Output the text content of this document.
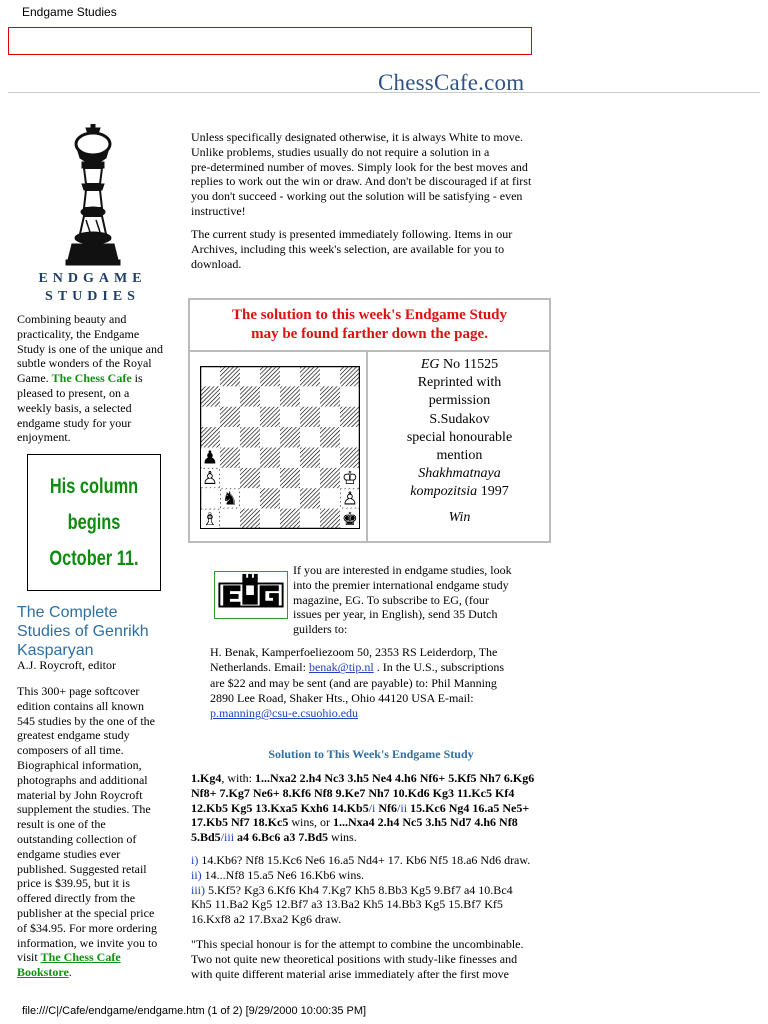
Endgame Studies
ChessCafe.com
ENDGAME
STUDIES
Combining beauty and
practicality, the Endgame
Study is one of the unique and
subtle wonders of the Royal
Game. The Chess Cafe is
pleased to present, on a
weekly basis, a selected
endgame study for your
enjoyment.
His column
begins
October 11.
The Complete
Studies of Genrikh
Kasparyan
A.J. Roycroft, editor
This 300+ page softcover
edition contains all known
545 studies by the one of the
greatest endgame study
composers of all time.
Biographical information,
photographs and additional
material by John Roycroft
supplement the studies. The
result is one of the
outstanding collection of
endgame studies ever
published. Suggested retail
price is $39.95, but it is
offered directly from the
publisher at the special price
of $34.95. For more ordering
information, we invite you to
visit The Chess Cafe
Bookstore.
Unless specifically designated otherwise, it is always White to move.
Unlike problems, studies usually do not require a solution in a
pre-determined number of moves. Simply look for the best moves and
replies to work out the win or draw. And don't be discouraged if at first
you don't succeed - working out the solution will be satisfying - even
instructive!
The current study is presented immediately following. Items in our
Archives, including this week's selection, are available for you to
download.
The solution to this week's Endgame Study
may be found farther down the page.
♟
♙
♞
♗
♔
♙
♚
EG No 11525
Reprinted with
permission
S.Sudakov
special honourable
mention
Shakhmatnaya
kompozitsia 1997
Win
If you are interested in endgame studies, look
into the premier international endgame study
magazine, EG. To subscribe to EG, (four
issues per year, in English), send 35 Dutch
guilders to:
H. Benak, Kamperfoeliezoom 50, 2353 RS Leiderdorp, The
Netherlands. Email: benak@tip.nl . In the U.S., subscriptions
are $22 and may be sent (and are payable) to: Phil Manning
2890 Lee Road, Shaker Hts., Ohio 44120 USA E-mail:
p.manning@csu-e.csuohio.edu
Solution to This Week's Endgame Study
1.Kg4, with: 1...Nxa2 2.h4 Nc3 3.h5 Ne4 4.h6 Nf6+ 5.Kf5 Nh7 6.Kg6
Nf8+ 7.Kg7 Ne6+ 8.Kf6 Nf8 9.Ke7 Nh7 10.Kd6 Kg3 11.Kc5 Kf4
12.Kb5 Kg5 13.Kxa5 Kxh6 14.Kb5/i Nf6/ii 15.Kc6 Ng4 16.a5 Ne5+
17.Kb5 Nf7 18.Kc5 wins, or 1...Nxa4 2.h4 Nc5 3.h5 Nd7 4.h6 Nf8
5.Bd5/iii a4 6.Bc6 a3 7.Bd5 wins.
i) 14.Kb6? Nf8 15.Kc6 Ne6 16.a5 Nd4+ 17. Kb6 Nf5 18.a6 Nd6 draw.
ii) 14...Nf8 15.a5 Ne6 16.Kb6 wins.
iii) 5.Kf5? Kg3 6.Kf6 Kh4 7.Kg7 Kh5 8.Bb3 Kg5 9.Bf7 a4 10.Bc4
Kh5 11.Ba2 Kg5 12.Bf7 a3 13.Ba2 Kh5 14.Bb3 Kg5 15.Bf7 Kf5
16.Kxf8 a2 17.Bxa2 Kg6 draw.
"This special honour is for the attempt to combine the uncombinable.
Two not quite new theoretical positions with study-like finesses and
with quite different material arise immediately after the first move
file:///C|/Cafe/endgame/endgame.htm (1 of 2) [9/29/2000 10:00:35 PM]
